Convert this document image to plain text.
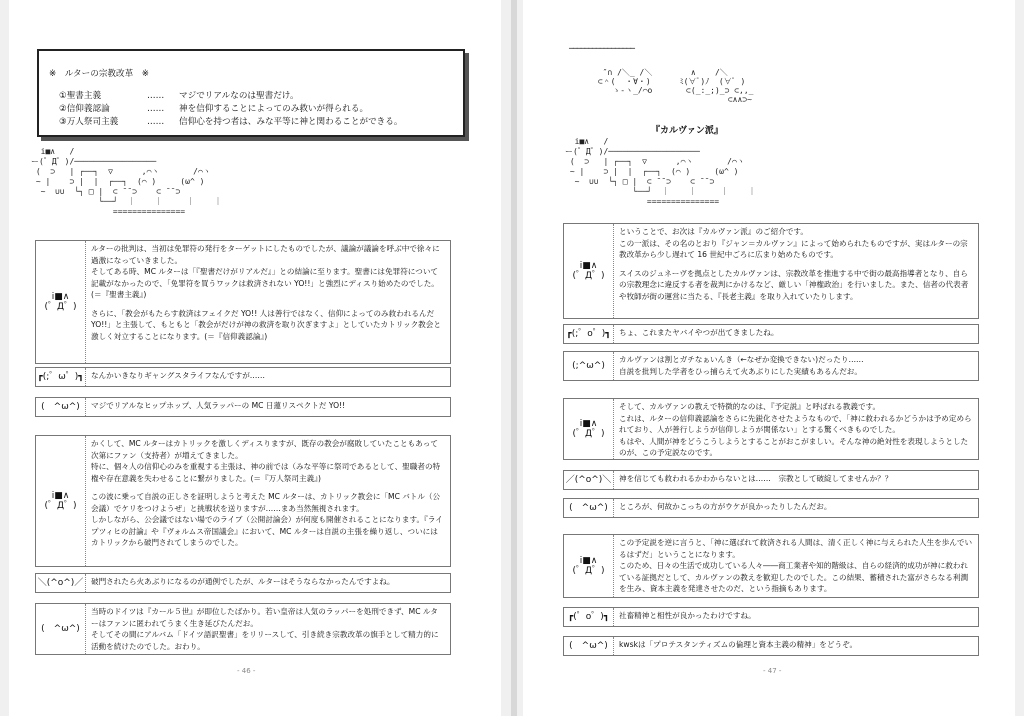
※　ルターの宗教改革　※
①聖書主義	……	マジでリアルなのは聖書だけ。
②信仰義認論	……	神を信仰することによってのみ救いが得られる。
③万人祭司主義	……	信仰心を持つ者は、みな平等に神と関わることができる。
i■∧   /
ー(゜Д゜)/─────────────────
(  ⊃   | ┌──┐  ▽      ,⌒ヽ       /⌒ヽ
~ |    ⊃ |  |  ┌──┐  (⌒ )     (ω^ )
~  ∪∪  └┐ □ |  ⊂ ̄ ̄ ⊃    ⊂ ̄ ̄ ⊃
└──┘  ｜    ｜     ｜    ｜
===============
i■∧
(゜Д゜)
ルターの批判は、当初は免罪符の発行をターゲットにしたものでしたが、議論が議論を呼ぶ中で徐々に過激になっていきました。
そしてある時、MC ルターは「『聖書だけがリアルだ』」との結論に至ります。聖書には免罪符について記載がなかったので、「免罪符を買うワックは救済されない YO!!」と強烈にディスり始めたのでした。(＝『聖書主義』)
さらに、「教会がもたらす救済はフェイクだ YO!! 人は善行ではなく、信仰によってのみ救われるんだ YO!!」と主張して、もともと「教会がだけが神の救済を取り次ぎますよ」としていたカトリック教会と激しく対立することになります。(＝『信仰義認論』)
┏(;゜ω゜)┓ なんかいきなりギャングスタライフなんですが……
(　^ω^)	マジでリアルなヒップホップ、人気ラッパーの MC 日蓮リスペクトだ YO!!
i■∧
(゜Д゜)
かくして、MC ルターはカトリックを激しくディスりますが、既存の教会が腐敗していたこともあって次第にファン（支持者）が増えてきました。
特に、個々人の信仰心のみを重視する主張は、神の前では（みな平等に祭司であるとして、聖職者の特権や存在意義を失わせることに繋がりました。(＝『万人祭司主義』)
この波に乗って自説の正しさを証明しようと考えた MC ルターは、カトリック教会に「MC バトル（公会議）でケリをつけようぜ」と挑戦状を送りますが……まあ当然無視されます。
しかしながら、公会議ではない場でのライブ（公開討論会）が何度も開催されることになります。『ライプツィヒの討論』や『ヴォルムス帝国議会』において、MC ルターは自説の主張を繰り返し、ついにはカトリックから破門されてしまうのでした。
＼(^o^)／	破門されたら火あぶりになるのが通例でしたが、ルターはそうならなかったんですよね。
(　^ω^)
当時のドイツは『カール５世』が即位したばかり。若い皇帝は人気のラッパーを処刑できず、MC ルターはファンに匿われてうまく生き延びたんだお。
そしてその間にアルバム「ドイツ語訳聖書」をリリースして、引き続き宗教改革の旗手として精力的に活動を続けたのでした。おわり。
- 46 -
─────────────────
″∩ /＼_ /＼        ∧    /＼
⊂＾(  ・∀・)      ﾐ(∀ﾟ)ﾉ  (∀ﾟ )
ゝ-ヽ_/⌒o       ⊂(_:_;)_⊃ ⊂,,_
⊂∧∧⊃~
『カルヴァン派』
i■∧   /
ー(゜Д゜)/───────────────────
(  ⊃   | ┌──┐  ▽      ,⌒ヽ       /⌒ヽ
~ |    ⊃ |  |  ┌──┐  (⌒ )     (ω^ )
~  ∪∪  └┐ □ |  ⊂ ̄ ̄ ⊃    ⊂ ̄ ̄ ⊃
└──┘  ｜    ｜     ｜    ｜
===============
i■∧
(゜Д゜)
ということで、お次は『カルヴァン派』のご紹介です。
この一派は、その名のとおり『ジャン＝カルヴァン』によって始められたものですが、実はルターの宗教改革から少し遅れて 16 世紀中ごろに広まり始めたものです。
スイスのジュネーヴを拠点としたカルヴァンは、宗教改革を推進する中で街の最高指導者となり、自らの宗教理念に違反する者を裁判にかけるなど、厳しい「神権政治」を行いました。また、信者の代表者や牧師が街の運営に当たる、『長老主義』を取り入れていたりします。
┏(;゜o゜)┓	ちょ、これまたヤバイやつが出てきましたね。
(;^ω^)
カルヴァンは割とガチなぁいんき（←なぜか変換できない)だったり……
自説を批判した学者をひっ捕らえて火あぶりにした実績もあるんだお。
i■∧
(゜Д゜)
そして、カルヴァンの教えで特徴的なのは、『予定説』と呼ばれる教義です。
これは、ルターの信仰義認論をさらに先鋭化させたようなもので、「神に救われるかどうかは予め定められており、人が善行しようが信仰しようが関係ない」とする驚くべきものでした。
もはや、人間が神をどうこうしようとすることがおこがましい。そんな神の絶対性を表現しようとしたのが、この予定説なのです。
／(^o^)＼	神を信じても救われるかわからないとは……　宗教として破綻してませんか？？
(　^ω^)	ところが、何故かこっちの方がウケが良かったりしたんだお。
i■∧
(゜Д゜)
この予定説を逆に言うと、「神に選ばれて救済される人間は、清く正しく神に与えられた人生を歩んでいるはずだ」ということになります。
このため、日々の生活で成功している人々――商工業者や知的階級は、自らの経済的成功が神に救われている証拠だとして、カルヴァンの教えを歓迎したのでした。この結果、蓄積された富がさらなる利潤を生み、資本主義を発達させたのだ、という指摘もあります。
┏(゜o゜)┓	社畜精神と相性が良かったわけですね。
(　^ω^)	kwskは「プロテスタンティズムの倫理と資本主義の精神」をどうぞ。
- 47 -
